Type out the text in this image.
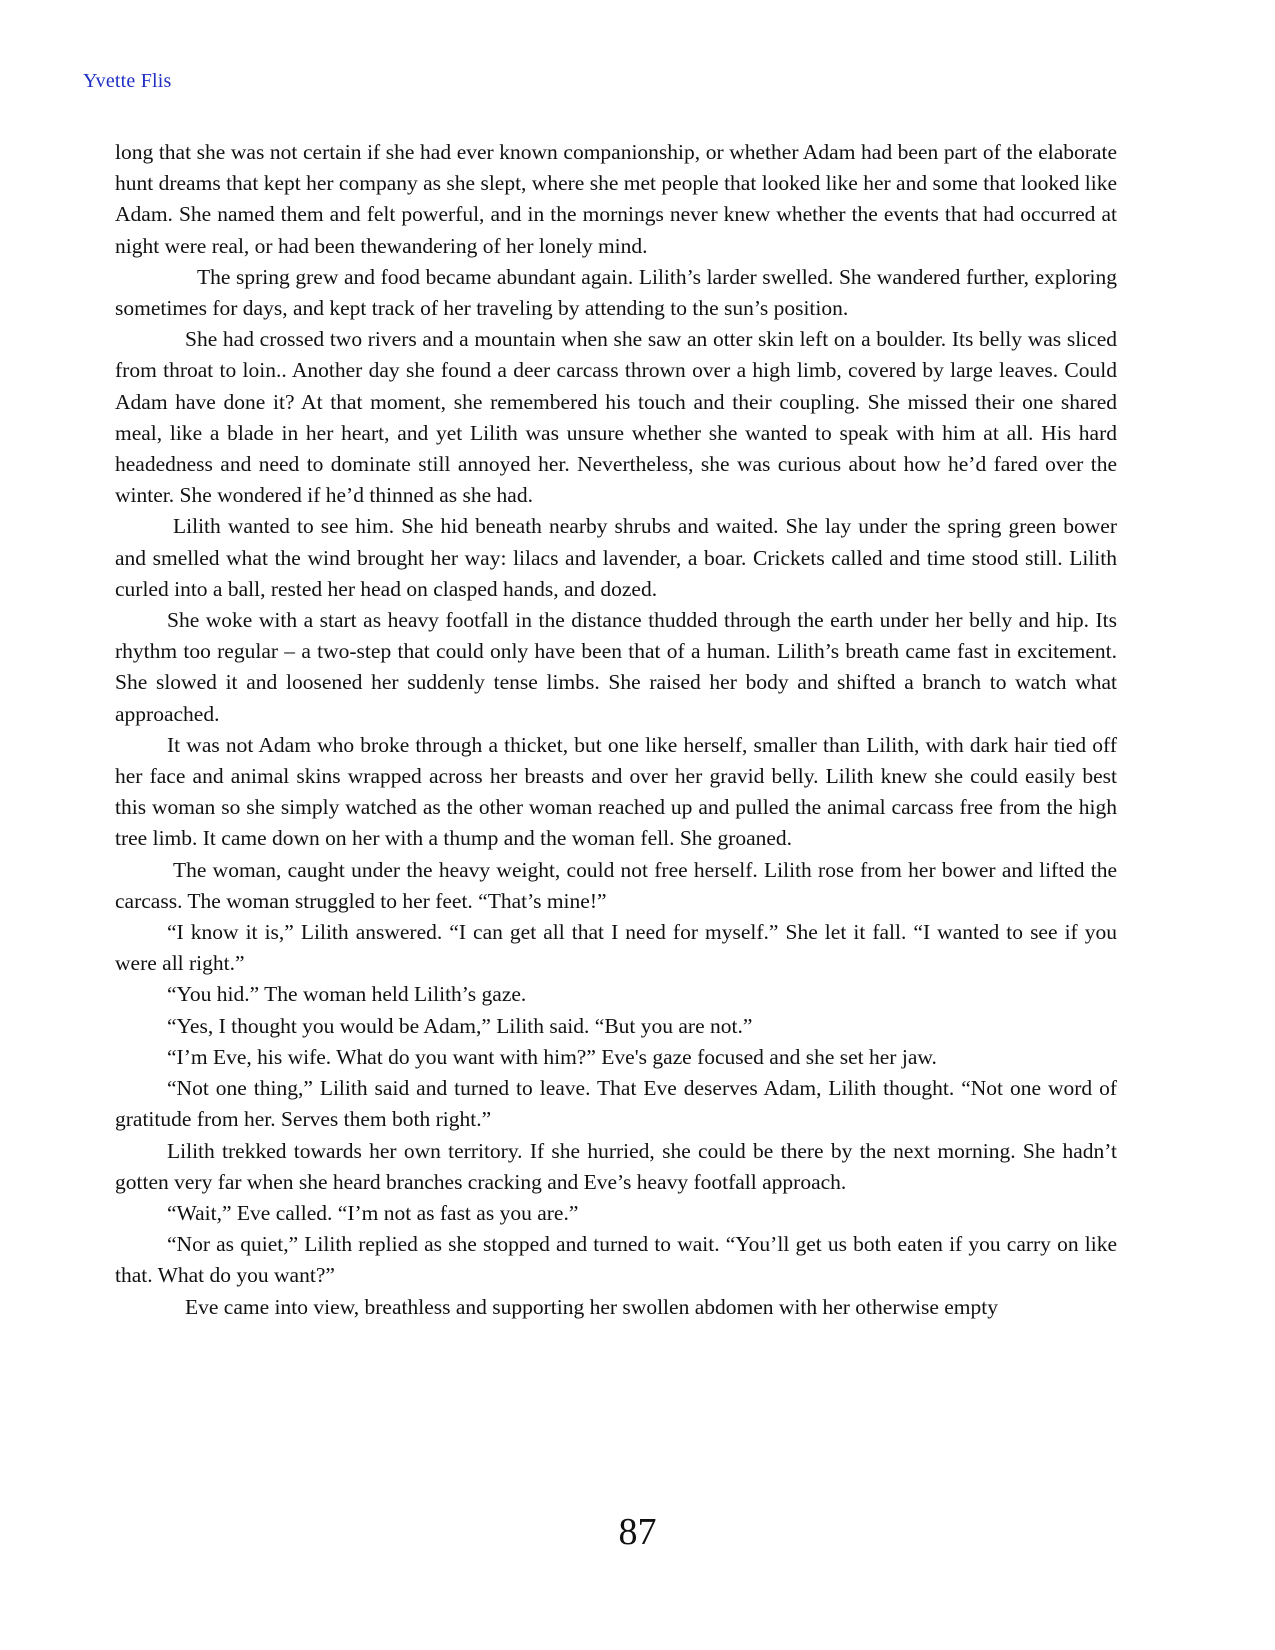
Yvette Flis

long that she was not certain if she had ever known companionship, or whether Adam had been part of the elaborate hunt dreams that kept her company as she slept, where she met people that looked like her and some that looked like Adam. She named them and felt powerful, and in the mornings never knew whether the events that had occurred at night were real, or had been thewandering of her lonely mind.

The spring grew and food became abundant again. Lilith’s larder swelled. She wandered further, exploring sometimes for days, and kept track of her traveling by attending to the sun’s position.

She had crossed two rivers and a mountain when she saw an otter skin left on a boulder. Its belly was sliced from throat to loin.. Another day she found a deer carcass thrown over a high limb, covered by large leaves. Could Adam have done it? At that moment, she remembered his touch and their coupling. She missed their one shared meal, like a blade in her heart, and yet Lilith was unsure whether she wanted to speak with him at all. His hard headedness and need to dominate still annoyed her. Nevertheless, she was curious about how he’d fared over the winter. She wondered if he’d thinned as she had.

Lilith wanted to see him. She hid beneath nearby shrubs and waited. She lay under the spring green bower and smelled what the wind brought her way: lilacs and lavender, a boar. Crickets called and time stood still. Lilith curled into a ball, rested her head on clasped hands, and dozed.

She woke with a start as heavy footfall in the distance thudded through the earth under her belly and hip. Its rhythm too regular – a two-step that could only have been that of a human. Lilith’s breath came fast in excitement. She slowed it and loosened her suddenly tense limbs. She raised her body and shifted a branch to watch what approached.

It was not Adam who broke through a thicket, but one like herself, smaller than Lilith, with dark hair tied off her face and animal skins wrapped across her breasts and over her gravid belly. Lilith knew she could easily best this woman so she simply watched as the other woman reached up and pulled the animal carcass free from the high tree limb. It came down on her with a thump and the woman fell. She groaned.

The woman, caught under the heavy weight, could not free herself. Lilith rose from her bower and lifted the carcass. The woman struggled to her feet. “That’s mine!”

“I know it is,” Lilith answered. “I can get all that I need for myself.” She let it fall. “I wanted to see if you were all right.”

“You hid.” The woman held Lilith’s gaze.

“Yes, I thought you would be Adam,” Lilith said. “But you are not.”

“I’m Eve, his wife. What do you want with him?” Eve's gaze focused and she set her jaw.

“Not one thing,” Lilith said and turned to leave. That Eve deserves Adam, Lilith thought. “Not one word of gratitude from her. Serves them both right.”

Lilith trekked towards her own territory. If she hurried, she could be there by the next morning. She hadn’t gotten very far when she heard branches cracking and Eve’s heavy footfall approach.

“Wait,” Eve called. “I’m not as fast as you are.”

“Nor as quiet,” Lilith replied as she stopped and turned to wait. “You’ll get us both eaten if you carry on like that. What do you want?”

Eve came into view, breathless and supporting her swollen abdomen with her otherwise empty

87
